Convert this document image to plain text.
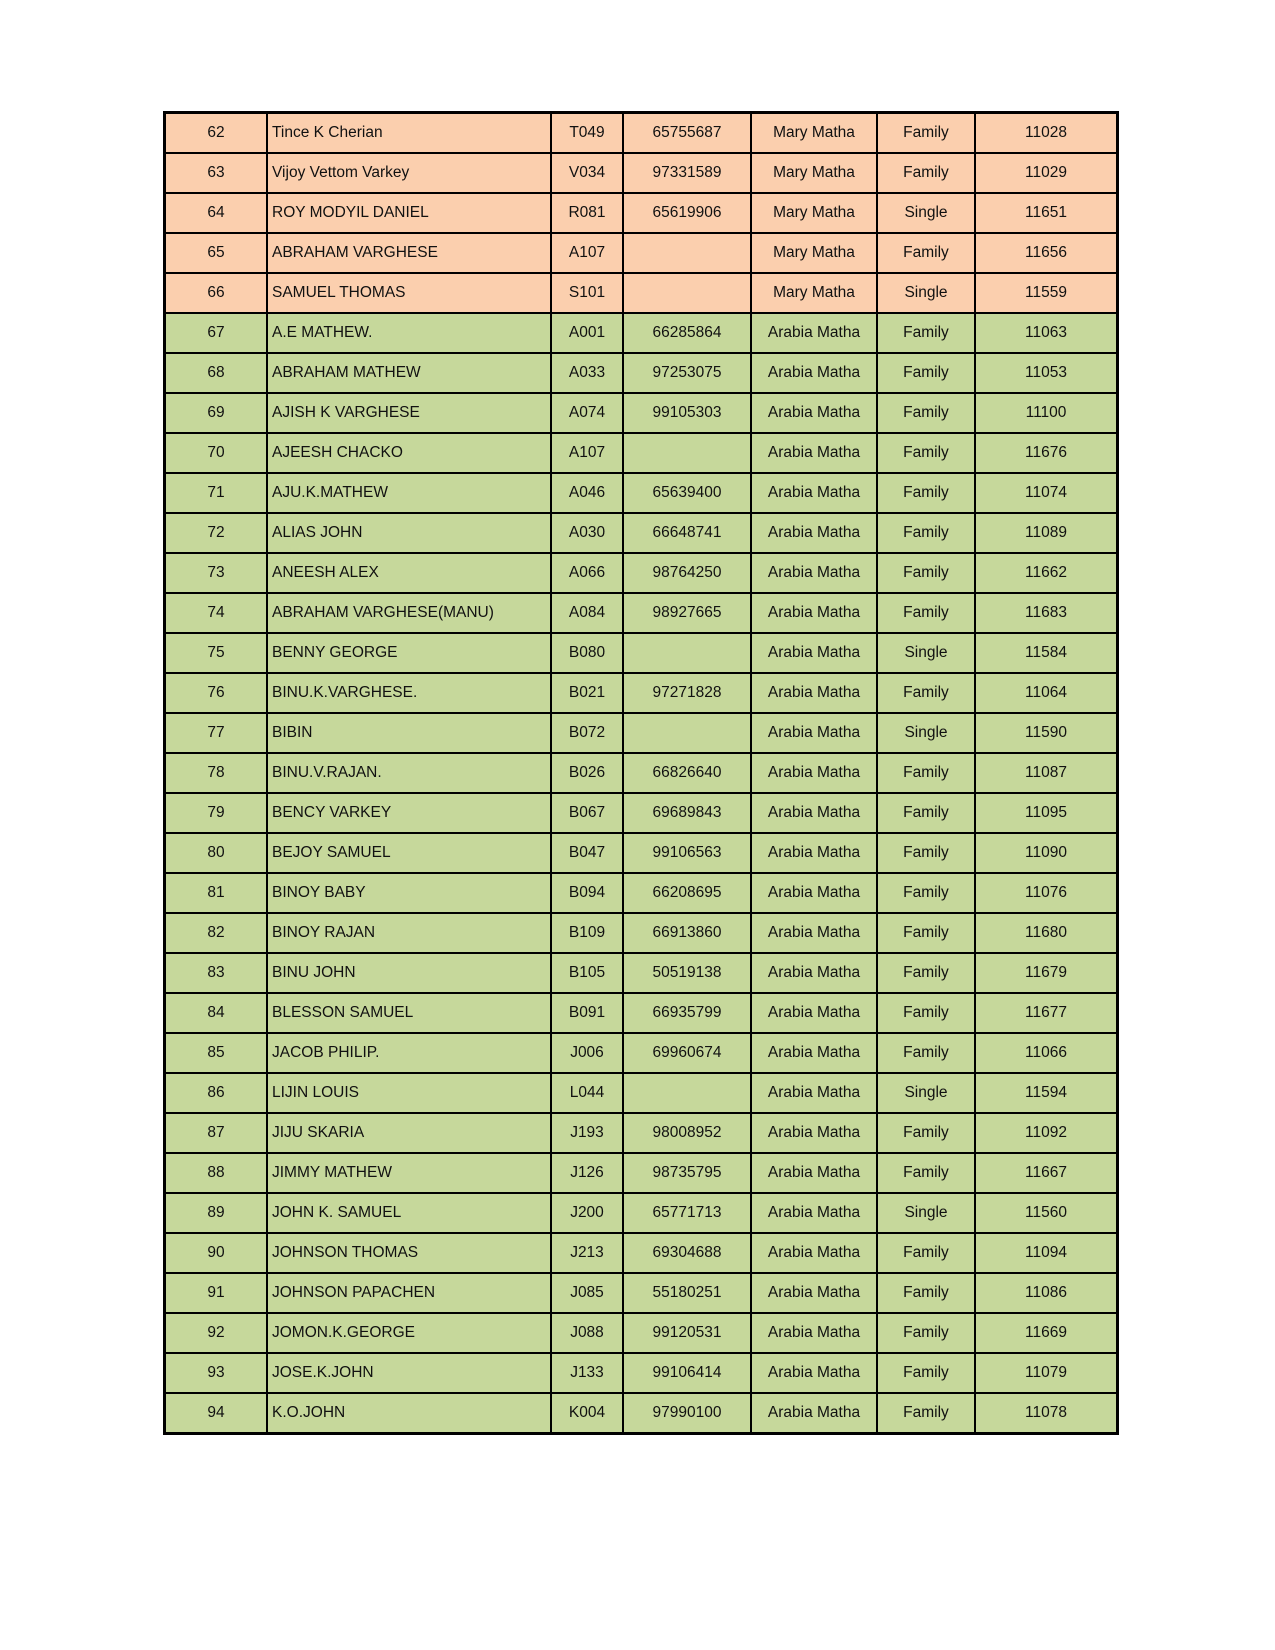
62	Tince K Cherian	T049	65755687	Mary Matha	Family	11028
63	Vijoy Vettom Varkey	V034	97331589	Mary Matha	Family	11029
64	ROY MODYIL DANIEL	R081	65619906	Mary Matha	Single	11651
65	ABRAHAM VARGHESE	A107		Mary Matha	Family	11656
66	SAMUEL THOMAS	S101		Mary Matha	Single	11559
67	A.E MATHEW.	A001	66285864	Arabia Matha	Family	11063
68	ABRAHAM MATHEW	A033	97253075	Arabia Matha	Family	11053
69	AJISH K VARGHESE	A074	99105303	Arabia Matha	Family	11100
70	AJEESH CHACKO	A107		Arabia Matha	Family	11676
71	AJU.K.MATHEW	A046	65639400	Arabia Matha	Family	11074
72	ALIAS JOHN	A030	66648741	Arabia Matha	Family	11089
73	ANEESH ALEX	A066	98764250	Arabia Matha	Family	11662
74	ABRAHAM VARGHESE(MANU)	A084	98927665	Arabia Matha	Family	11683
75	BENNY GEORGE	B080		Arabia Matha	Single	11584
76	BINU.K.VARGHESE.	B021	97271828	Arabia Matha	Family	11064
77	BIBIN	B072		Arabia Matha	Single	11590
78	BINU.V.RAJAN.	B026	66826640	Arabia Matha	Family	11087
79	BENCY VARKEY	B067	69689843	Arabia Matha	Family	11095
80	BEJOY SAMUEL	B047	99106563	Arabia Matha	Family	11090
81	BINOY BABY	B094	66208695	Arabia Matha	Family	11076
82	BINOY RAJAN	B109	66913860	Arabia Matha	Family	11680
83	BINU JOHN	B105	50519138	Arabia Matha	Family	11679
84	BLESSON SAMUEL	B091	66935799	Arabia Matha	Family	11677
85	JACOB PHILIP.	J006	69960674	Arabia Matha	Family	11066
86	LIJIN LOUIS	L044		Arabia Matha	Single	11594
87	JIJU SKARIA	J193	98008952	Arabia Matha	Family	11092
88	JIMMY MATHEW	J126	98735795	Arabia Matha	Family	11667
89	JOHN K. SAMUEL	J200	65771713	Arabia Matha	Single	11560
90	JOHNSON THOMAS	J213	69304688	Arabia Matha	Family	11094
91	JOHNSON PAPACHEN	J085	55180251	Arabia Matha	Family	11086
92	JOMON.K.GEORGE	J088	99120531	Arabia Matha	Family	11669
93	JOSE.K.JOHN	J133	99106414	Arabia Matha	Family	11079
94	K.O.JOHN	K004	97990100	Arabia Matha	Family	11078
